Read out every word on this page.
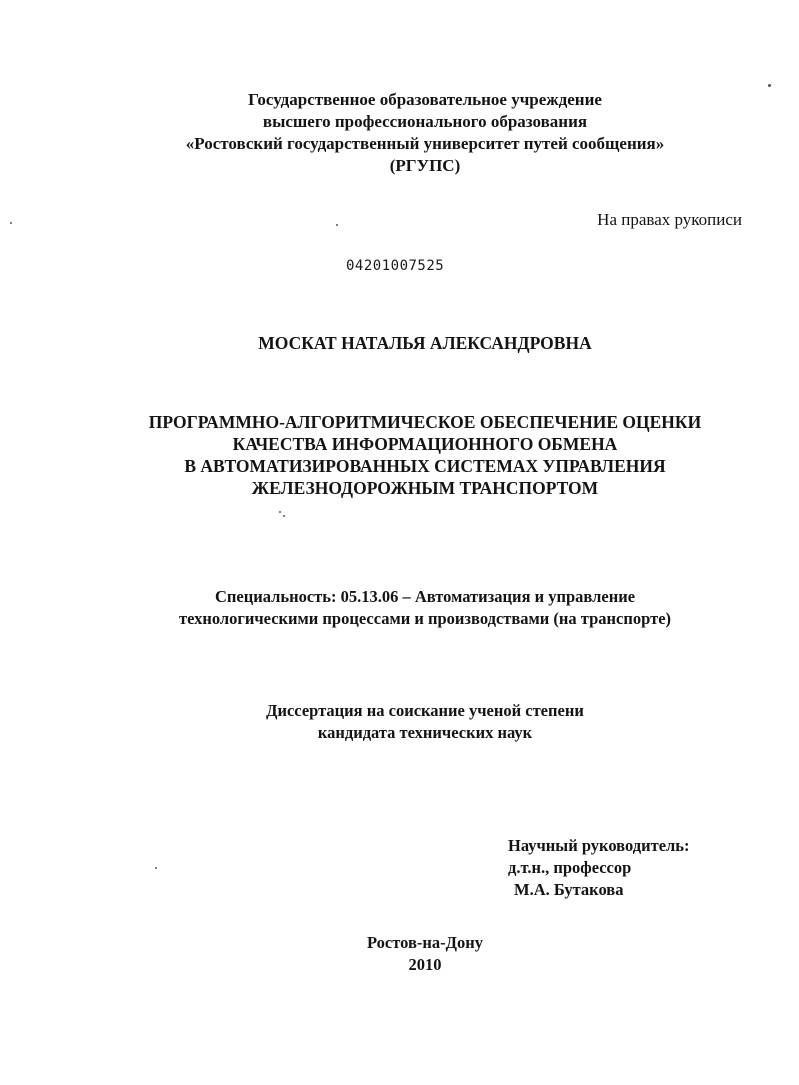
Государственное образовательное учреждение
высшего профессионального образования
«Ростовский государственный университет путей сообщения»
(РГУПС)
На правах рукописи
04201007525
МОСКАТ НАТАЛЬЯ АЛЕКСАНДРОВНА
ПРОГРАММНО-АЛГОРИТМИЧЕСКОЕ ОБЕСПЕЧЕНИЕ ОЦЕНКИ
КАЧЕСТВА ИНФОРМАЦИОННОГО ОБМЕНА
В АВТОМАТИЗИРОВАННЫХ СИСТЕМАХ УПРАВЛЕНИЯ
ЖЕЛЕЗНОДОРОЖНЫМ ТРАНСПОРТОМ
Специальность: 05.13.06 – Автоматизация и управление
технологическими процессами и производствами (на транспорте)
Диссертация на соискание ученой степени
кандидата технических наук
Научный руководитель:
д.т.н., профессор
М.А. Бутакова
Ростов-на-Дону
2010
